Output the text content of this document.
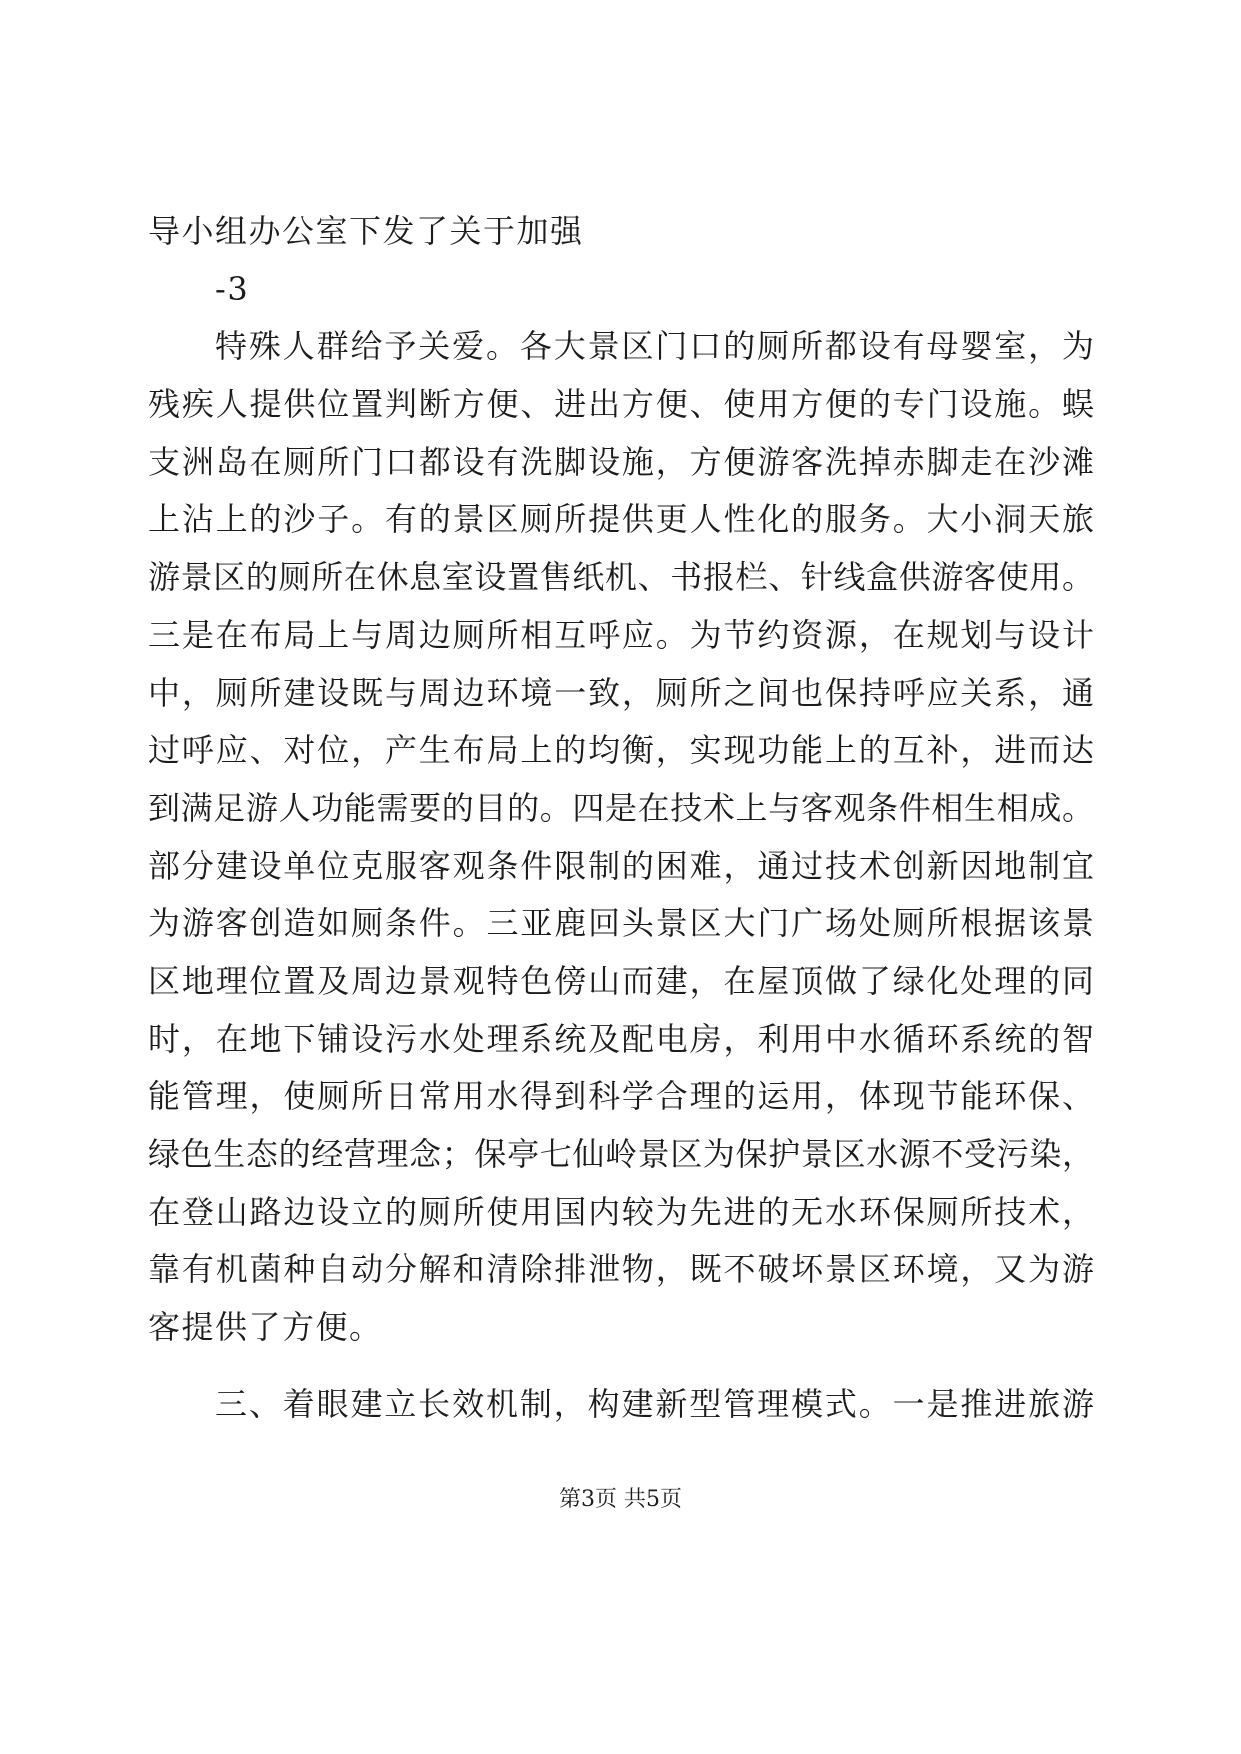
导小组办公室下发了关于加强
-3
特殊人群给予关爱。各大景区门口的厕所都设有母婴室，为
残疾人提供位置判断方便、进出方便、使用方便的专门设施。蜈
支洲岛在厕所门口都设有洗脚设施，方便游客洗掉赤脚走在沙滩
上沾上的沙子。有的景区厕所提供更人性化的服务。大小洞天旅
游景区的厕所在休息室设置售纸机、书报栏、针线盒供游客使用。
三是在布局上与周边厕所相互呼应。为节约资源，在规划与设计
中，厕所建设既与周边环境一致，厕所之间也保持呼应关系，通
过呼应、对位，产生布局上的均衡，实现功能上的互补，进而达
到满足游人功能需要的目的。四是在技术上与客观条件相生相成。
部分建设单位克服客观条件限制的困难，通过技术创新因地制宜
为游客创造如厕条件。三亚鹿回头景区大门广场处厕所根据该景
区地理位置及周边景观特色傍山而建，在屋顶做了绿化处理的同
时，在地下铺设污水处理系统及配电房，利用中水循环系统的智
能管理，使厕所日常用水得到科学合理的运用，体现节能环保、
绿色生态的经营理念；保亭七仙岭景区为保护景区水源不受污染，
在登山路边设立的厕所使用国内较为先进的无水环保厕所技术，
靠有机菌种自动分解和清除排泄物，既不破坏景区环境，又为游
客提供了方便。
三、着眼建立长效机制，构建新型管理模式。一是推进旅游
第3页 共5页
